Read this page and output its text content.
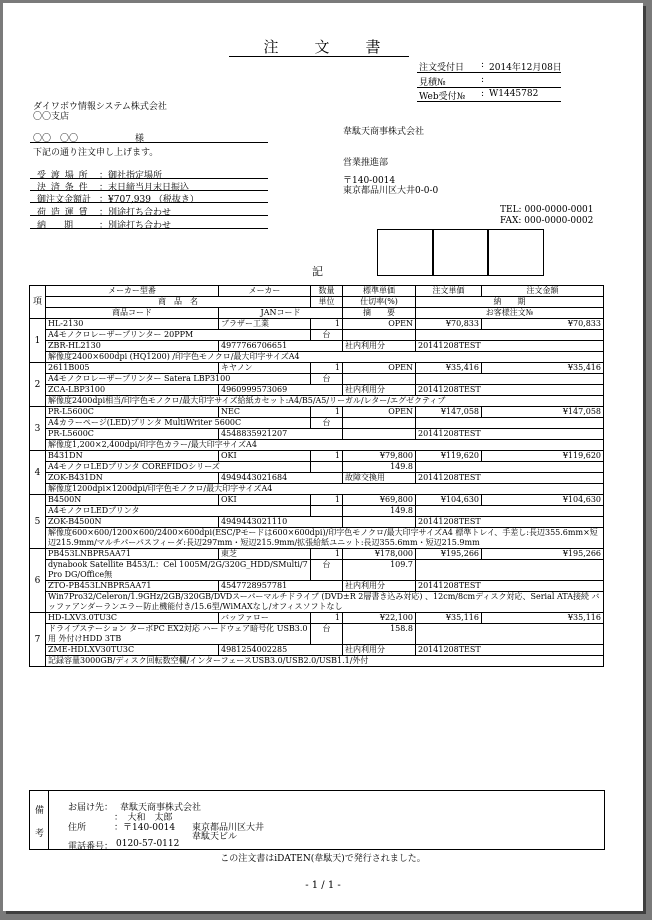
注　　文　　書
注文受付日	2014年12月08日
:
見積№	:
Web受付№ : W1445782
ダイワボウ情報システム株式会社
〇〇支店
〇〇　〇〇	様
下記の通り注文申し上げます。
受 渡 場 所 ：御社指定場所
決 済 条 件 ：末日締当月末日振込
御注文金額計 ：¥707,939 （税抜き）
荷 造 運 賃 ：別途打ち合わせ
納　　期	：別途打ち合わせ
韋駄天商事株式会社
営業推進部
〒140-0014
東京都品川区大井0-0-0
TEL: 000-0000-0001
FAX: 000-0000-0002
記
項	メーカー型番	メーカー	数量	標準単価	注文単価	注文金額
	商　品　名		単位	仕切率(%)	納　　期	
	商品コード	JANコード		摘　　要	お客様注文№	
1	HL-2130	ブラザー工業	1	OPEN	¥70,833	¥70,833
	A4モノクロレーザープリンター 20PPM		台			
	ZBR-HL2130	4977766706651		社内利用分	20141208TEST	
	解像度2400×600dpi (HQ1200) /印字色モノクロ/最大印字サイズA4					
2	2611B005	キヤノン	1	OPEN	¥35,416	¥35,416
	A4モノクロレーザープリンター Satera LBP3100		台			
	ZCA-LBP3100	4960999573069		社内利用分	20141208TEST	
	解像度2400dpi相当/印字色モノクロ/最大印字サイズ給紙カセット:A4/B5/A5/リーガル/レター/エグゼクティブ					
3	PR-L5600C	NEC	1	OPEN	¥147,058	¥147,058
	A4カラーページ(LED)プリンタ MultiWriter 5600C		台			
	PR-L5600C	4548835921207			20141208TEST	
	解像度1,200×2,400dpi/印字色カラー/最大印字サイズA4					
4	B431DN	OKI	1	¥79,800	¥119,620	¥119,620
	A4モノクロLEDプリンタ COREFIDOシリーズ			149.8		
	ZOK-B431DN	4949443021684		故障交換用	20141208TEST	
	解像度1200dpi×1200dpi/印字色モノクロ/最大印字サイズA4					
5	B4500N	OKI	1	¥69,800	¥104,630	¥104,630
	A4モノクロLEDプリンタ			149.8		
	ZOK-B4500N	4949443021110			20141208TEST	
	解像度600×600/1200×600/2400×600dpi(ESC/Pモードは600×600dpi)/印字色モノクロ/最大印字サイズA4 標準トレイ、手差し:長辺355.6mm×短辺215.9mm/マルチパーパスフィーダ:長辺297mm・短辺215.9mm/拡張給紙ユニット:長辺355.6mm・短辺215.9mm					
6	PB453LNBPR5AA71	東芝	1	¥178,000	¥195,266	¥195,266
	dynabook Satellite B453/L：Cel 1005M/2G/320G_HDD/SMulti/7Pro DG/Office無		台	109.7		
	ZTO-PB453LNBPR5AA71	4547728957781		社内利用分	20141208TEST	
	Win7Pro32/Celeron/1.9GHz/2GB/320GB/DVDスーパーマルチドライブ (DVD±R 2層書き込み対応) 、12cm/8cmディスク対応、Serial ATA接続 バッファアンダーランエラー防止機能付き/15.6型/WiMAXなし/オフィスソフトなし					
7	HD-LXV3.0TU3C	バッファロー	1	¥22,100	¥35,116	¥35,116
	ドライブステーション ターボPC EX2対応 ハードウェア暗号化 USB3.0用 外付けHDD 3TB		台	158.8		
	ZME-HDLXV30TU3C	4981254002285		社内利用分	20141208TEST	
	記録容量3000GB/ディスク回転数空欄/インターフェースUSB3.0/USB2.0/USB1.1/外付					
備
考
お届け先： 韋駄天商事株式会社
：　大和　太郎
住所	：〒140-0014 東京都品川区大井
韋駄天ビル
電話番号： 0120-57-0112
この注文書はiDATEN(韋駄天)で発行されました。
- 1 / 1 -
